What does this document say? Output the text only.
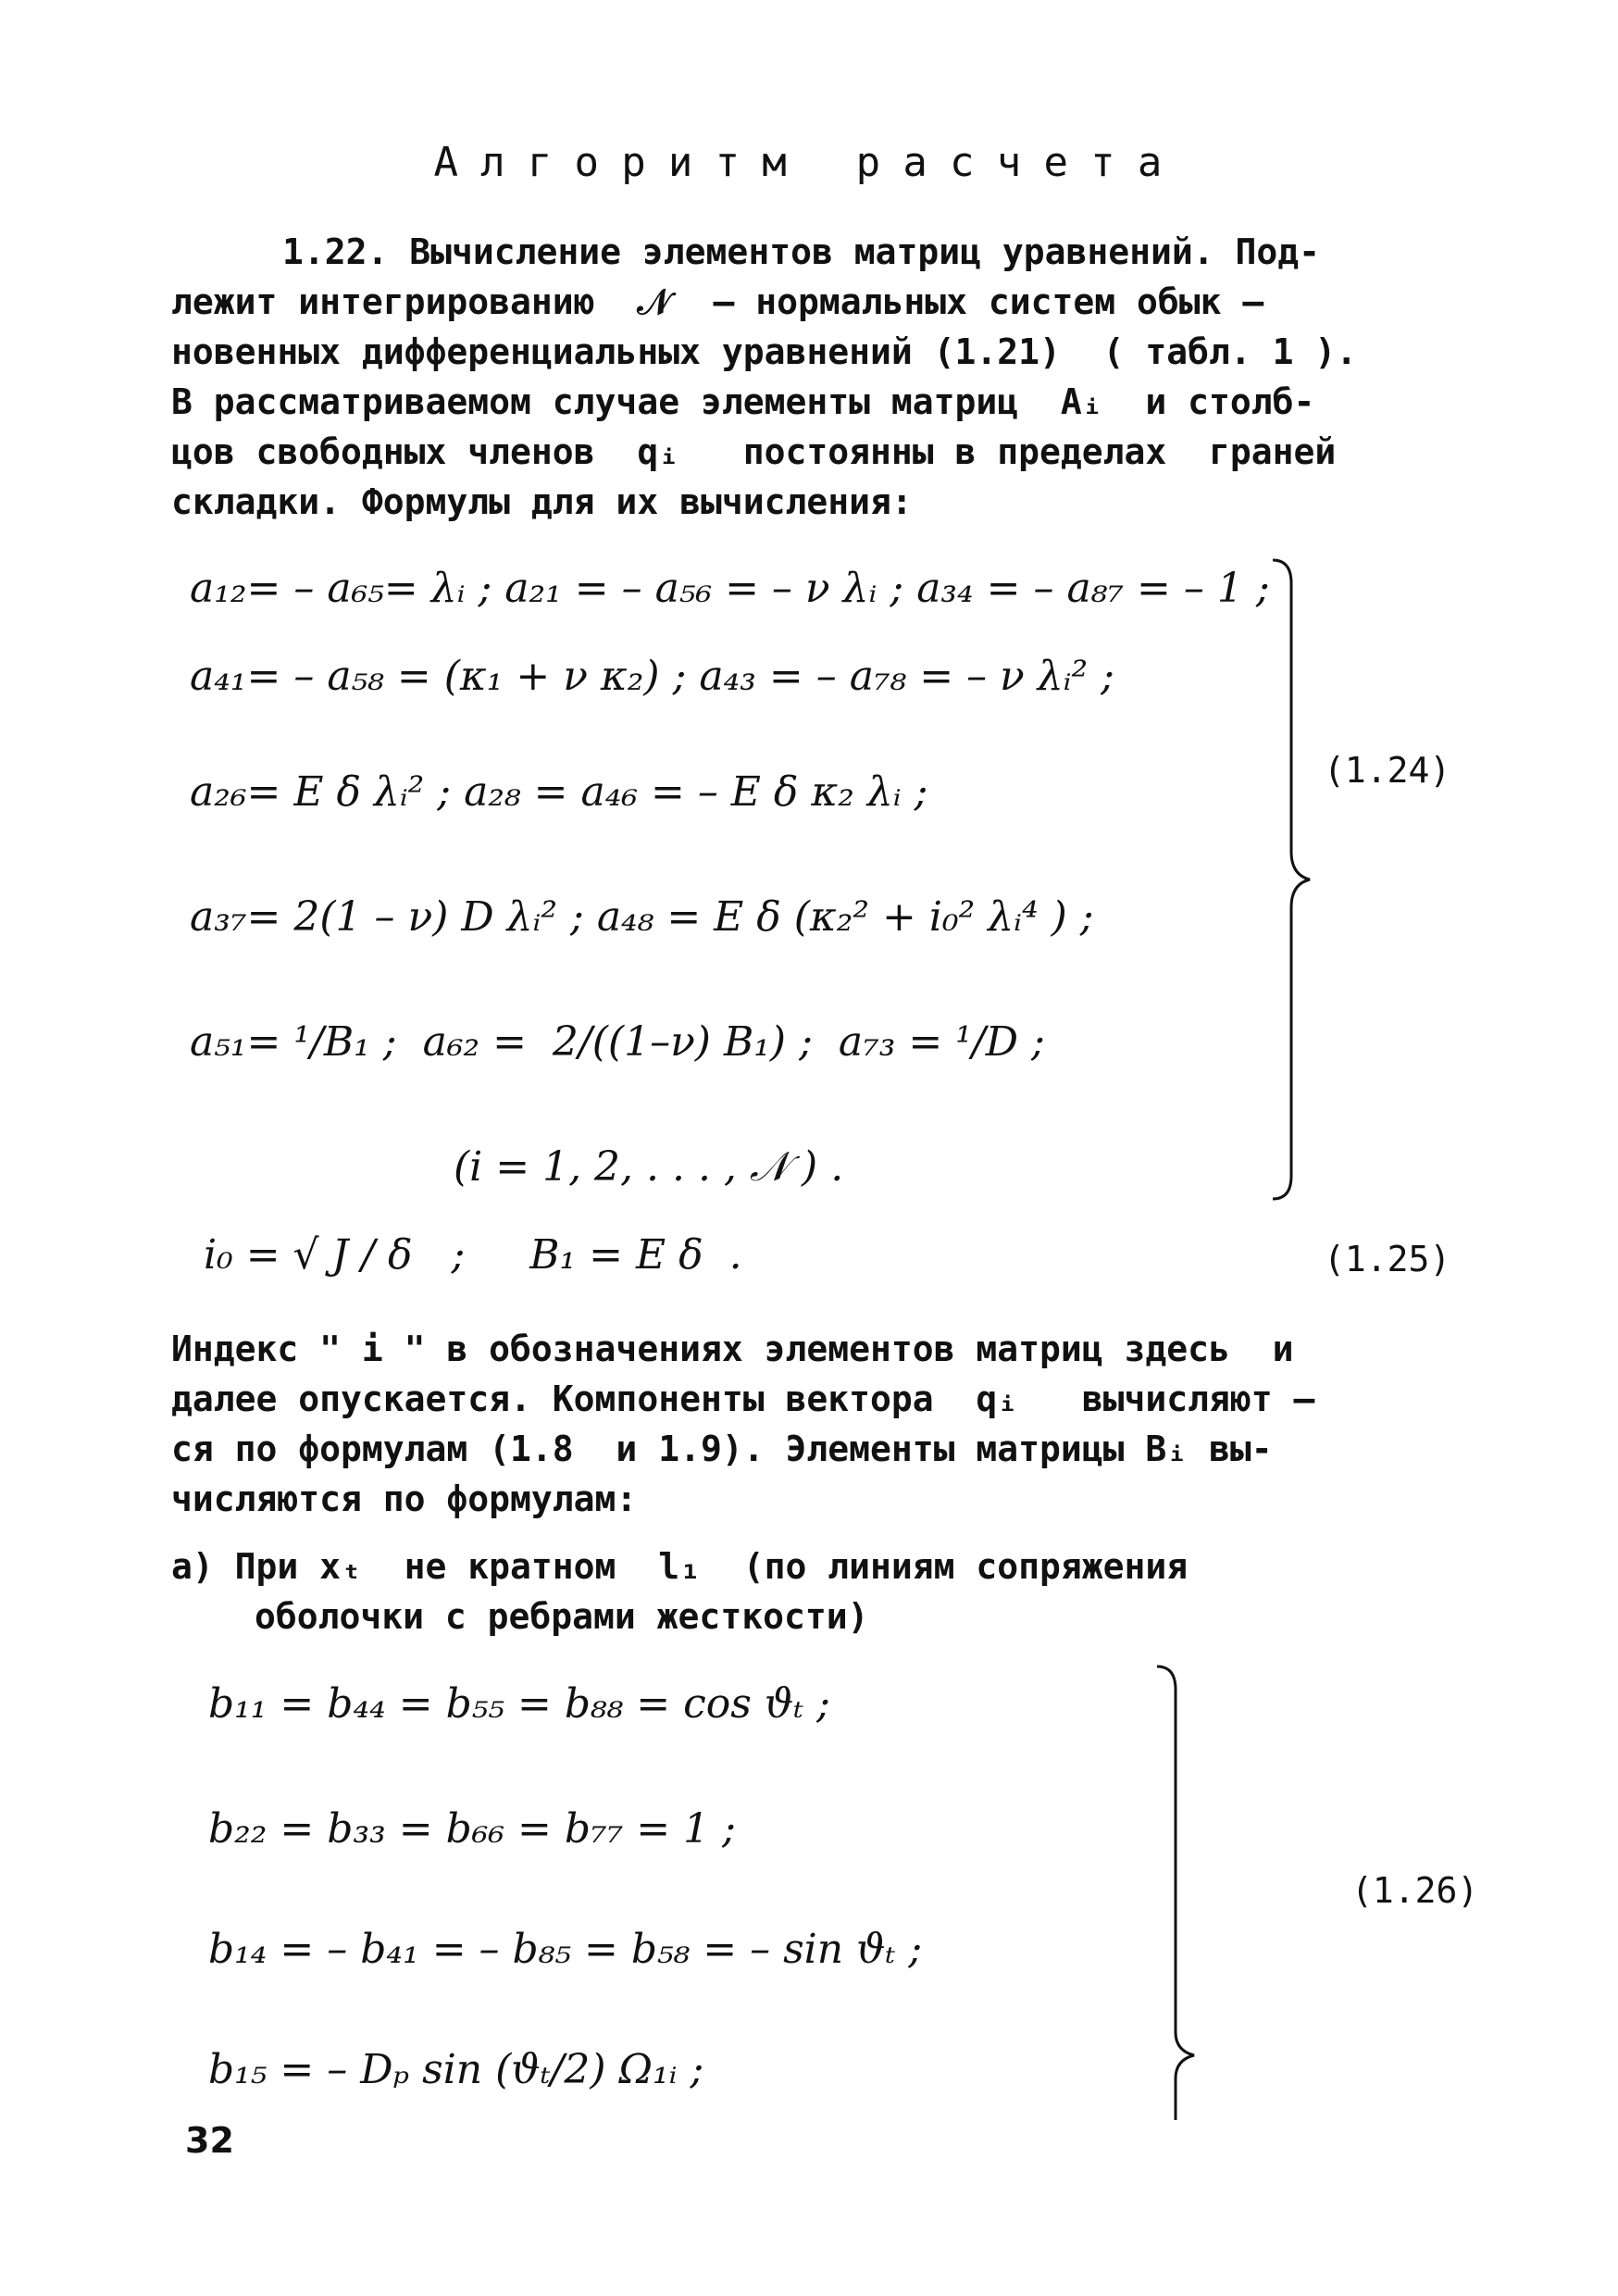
Алгоритм расчета
1.22. Вычисление элементов матриц уравнений. Под-
лежит интегрированию  𝒩  – нормальных систем обык –
новенных дифференциальных уравнений (1.21)  ( табл. 1 ).
В рассматриваемом случае элементы матриц  Aᵢ  и столб-
цов свободных членов  qᵢ   постоянны в пределах  граней
складки. Формулы для их вычисления:
a₁₂= – a₆₅= λᵢ ; a₂₁ = – a₅₆ = – ν λᵢ ; a₃₄ = – a₈₇ = – 1 ;
a₄₁= – a₅₈ = (κ₁ + ν κ₂) ; a₄₃ = – a₇₈ = – ν λᵢ² ;
a₂₆= E δ λᵢ² ; a₂₈ = a₄₆ = – E δ κ₂ λᵢ ;
a₃₇= 2(1 – ν) D λᵢ² ; a₄₈ = E δ (κ₂² + i₀² λᵢ⁴ ) ;
a₅₁= ¹/B₁ ;  a₆₂ =  2/((1–ν) B₁) ;  a₇₃ = ¹/D ;
(i = 1, 2, . . . , 𝒩 ) .
(1.24)
i₀ = √ J / δ   ;     B₁ = E δ  .	(1.25)
Индекс " i " в обозначениях элементов матриц здесь  и
далее опускается. Компоненты вектора  qᵢ   вычисляют –
ся по формулам (1.8  и 1.9). Элементы матрицы Bᵢ вы-
числяются по формулам:
а) При xₜ  не кратном  l₁  (по линиям сопряжения
оболочки с ребрами жесткости)
b₁₁ = b₄₄ = b₅₅ = b₈₈ = cos ϑₜ ;
b₂₂ = b₃₃ = b₆₆ = b₇₇ = 1 ;
b₁₄ = – b₄₁ = – b₈₅ = b₅₈ = – sin ϑₜ ;
b₁₅ = – Dₚ sin (ϑₜ/2) Ω₁ᵢ ;
(1.26)
32
